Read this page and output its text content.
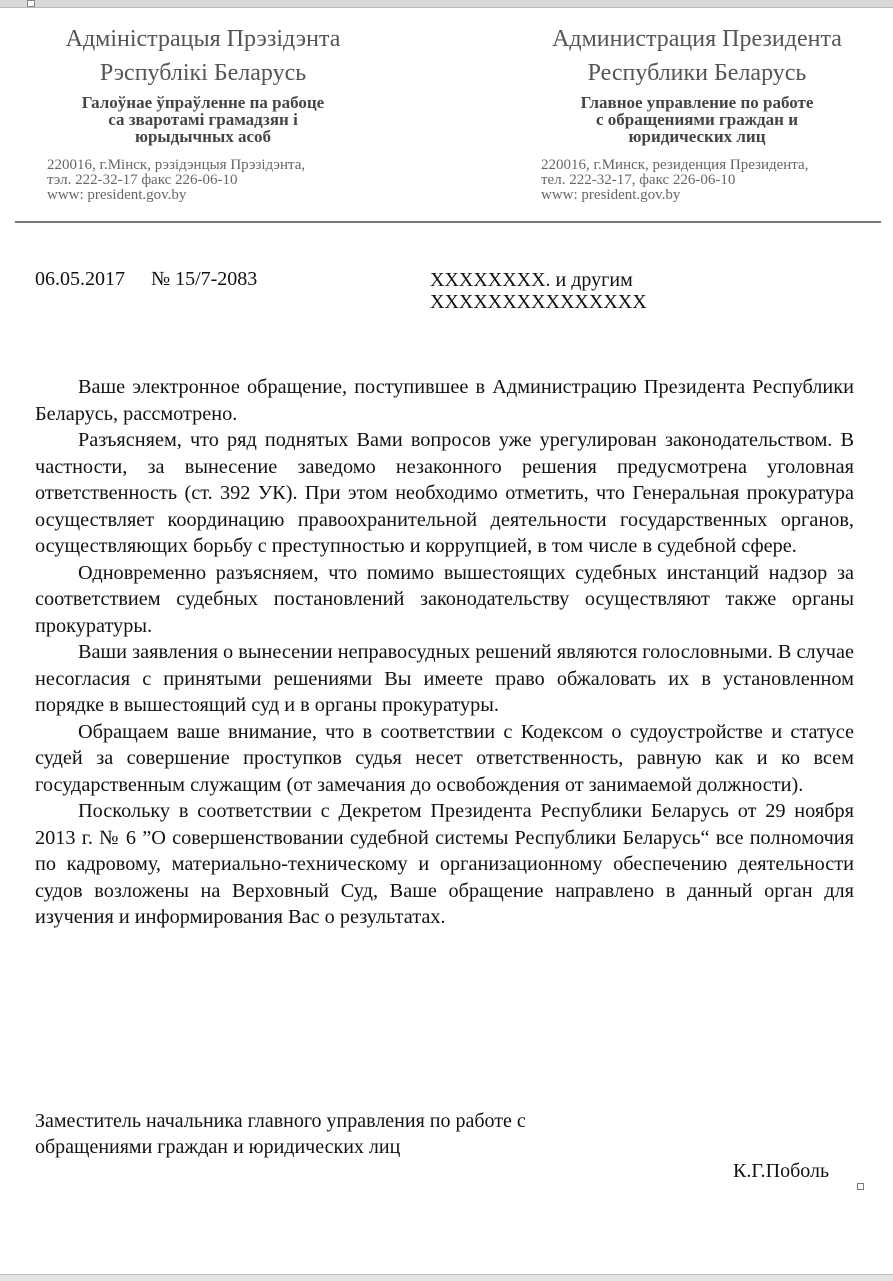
Адміністрацыя Прэзідэнта
Рэспублікі Беларусь
Галоўнае ўпраўленне па рабоце
са зваротамі грамадзян і
юрыдычных асоб
220016, г.Мінск, рэзідэнцыя Прэзідэнта,
тэл. 222-32-17 факс 226-06-10
www: president.gov.by
Администрация Президента
Республики Беларусь
Главное управление по работе
с обращениями граждан и
юридических лиц
220016, г.Минск, резиденция Президента,
тел. 222-32-17, факс 226-06-10
www: president.gov.by
06.05.2017 № 15/7-2083	XXXXXXXX. и другим
XXXXXXXXXXXXXXX

Ваше электронное обращение, поступившее в Администрацию Президента Республики Беларусь, рассмотрено.

Разъясняем, что ряд поднятых Вами вопросов уже урегулирован законодательством. В частности, за вынесение заведомо незаконного решения предусмотрена уголовная ответственность (ст. 392 УК). При этом необходимо отметить, что Генеральная прокуратура осуществляет координацию правоохранительной деятельности государственных органов, осуществляющих борьбу с преступностью и коррупцией, в том числе в судебной сфере.

Одновременно разъясняем, что помимо вышестоящих судебных инстанций надзор за соответствием судебных постановлений законодательству осуществляют также органы прокуратуры.

Ваши заявления о вынесении неправосудных решений являются голословными. В случае несогласия с принятыми решениями Вы имеете право обжаловать их в установленном порядке в вышестоящий суд и в органы прокуратуры.

Обращаем ваше внимание, что в соответствии с Кодексом о судоустройстве и статусе судей за совершение проступков судья несет ответственность, равную как и ко всем государственным служащим (от замечания до освобождения от занимаемой должности).

Поскольку в соответствии с Декретом Президента Республики Беларусь от 29 ноября 2013 г. № 6 ”О совершенствовании судебной системы Республики Беларусь“ все полномочия по кадровому, материально-техническому и организационному обеспечению деятельности судов возложены на Верховный Суд, Ваше обращение направлено в данный орган для изучения и информирования Вас о результатах.

Заместитель начальника главного управления по работе с обращениями граждан и юридических лиц
К.Г.Поболь
